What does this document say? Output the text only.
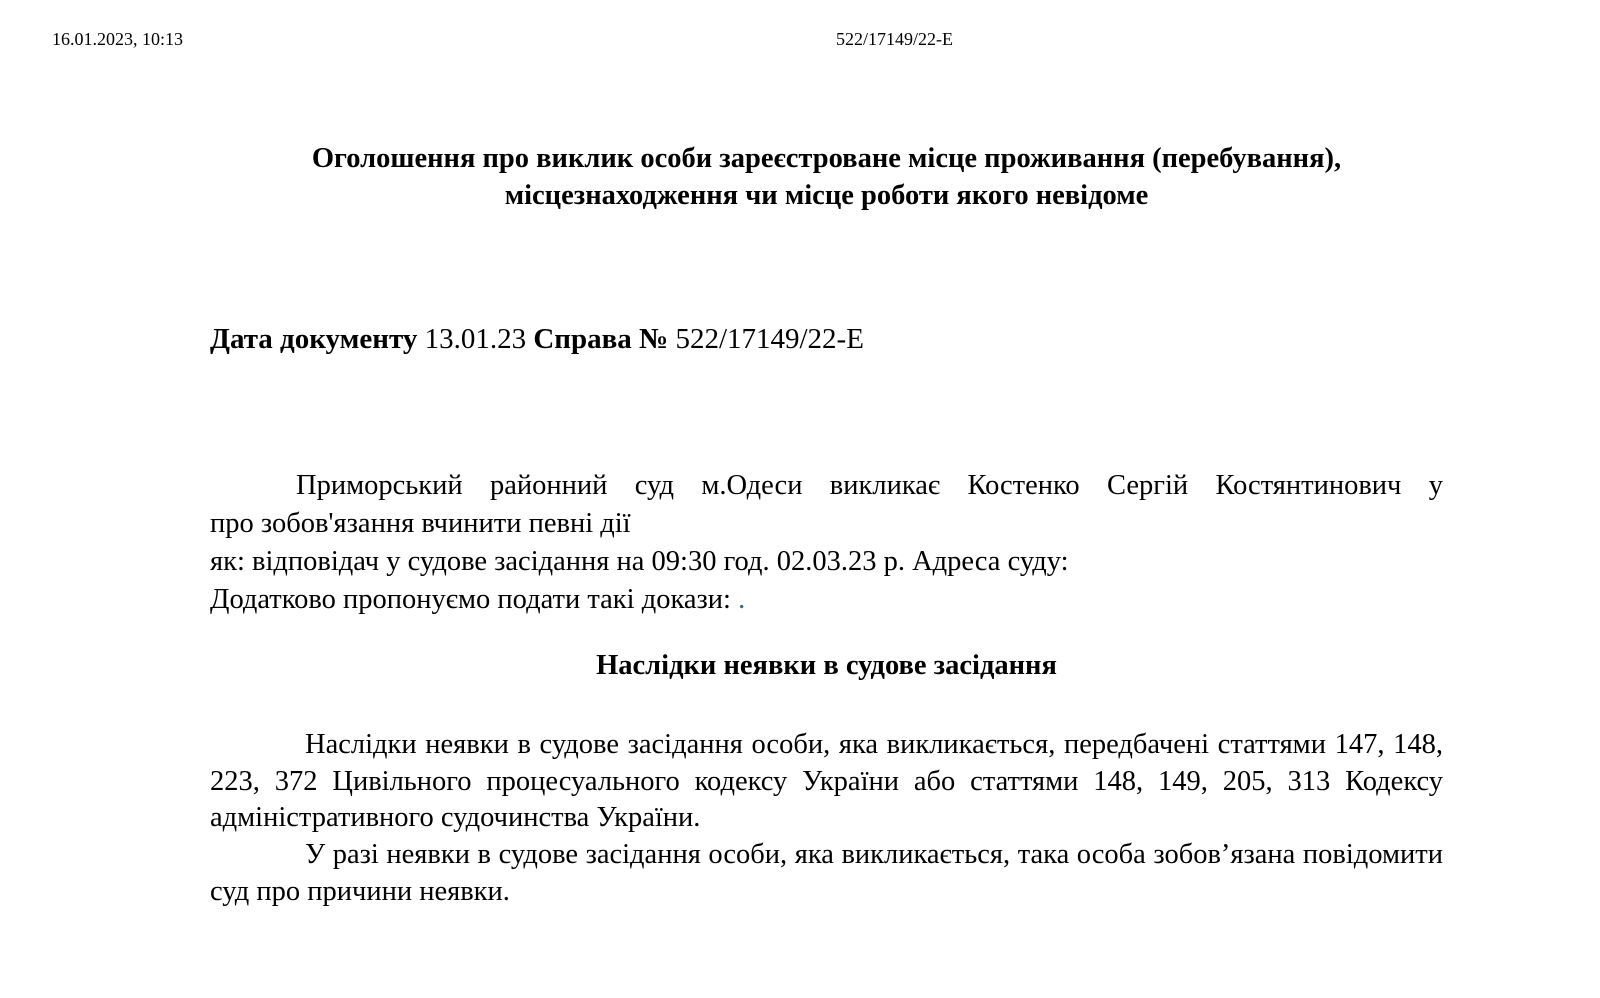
16.01.2023, 10:13	522/17149/22-Е
Оголошення про виклик особи зареєстроване місце проживання (перебування),
місцезнаходження чи місце роботи якого невідоме
Дата документу 13.01.23 Справа № 522/17149/22-Е
Приморський районний суд м.Одеси викликає Костенко Сергій Костянтинович у
про зобов'язання вчинити певні дії
як: відповідач у судове засідання на 09:30 год. 02.03.23 р. Адреса суду:
Додатково пропонуємо подати такі докази: .
Наслідки неявки в судове засідання

Наслідки неявки в судове засідання особи, яка викликається, передбачені статтями 147, 148, 223, 372 Цивільного процесуального кодексу України або статтями 148, 149, 205, 313 Кодексу адміністративного судочинства України.

У разі неявки в судове засідання особи, яка викликається, така особа зобов’язана повідомити суд про причини неявки.
